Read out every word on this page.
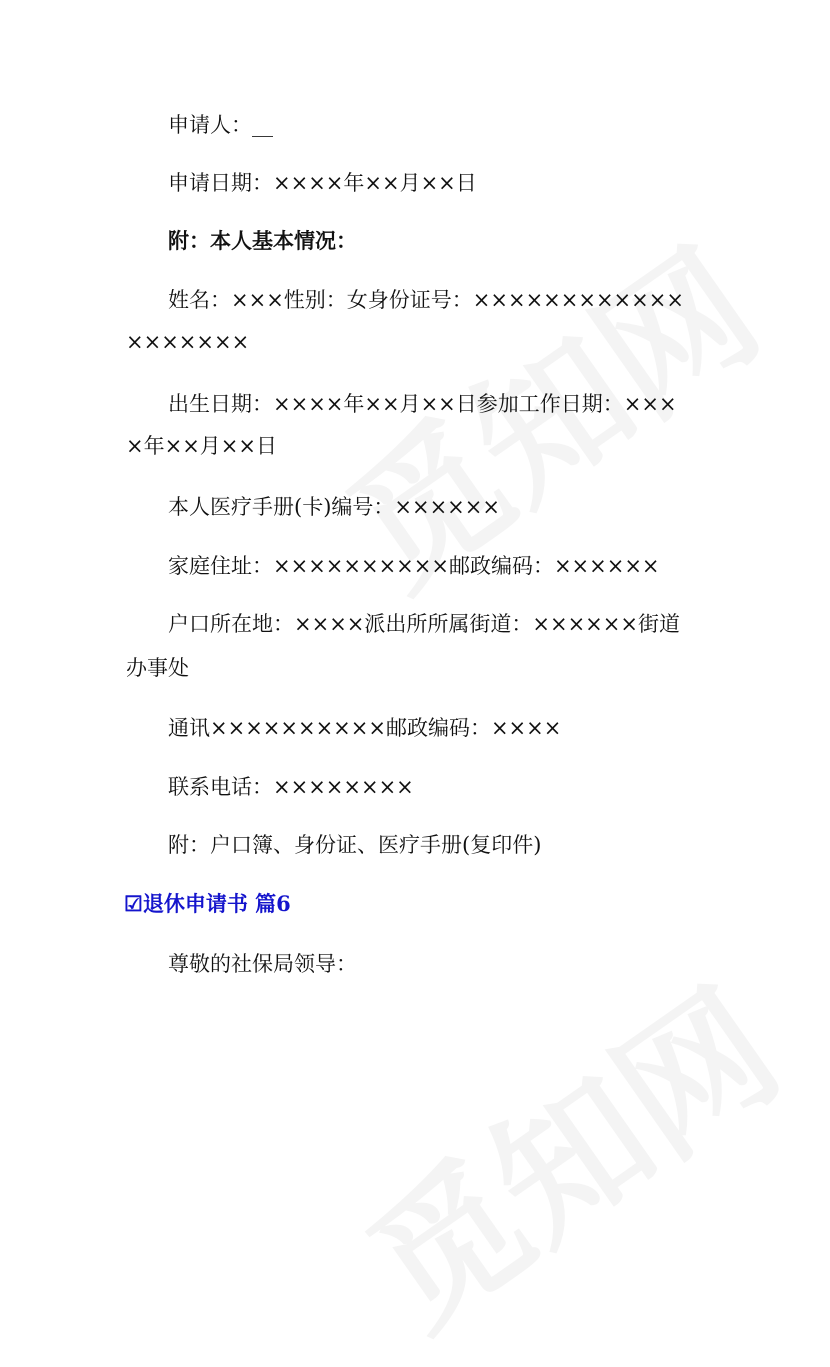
申请人：__
申请日期：××××年××月××日
附：本人基本情况：
姓名：×××性别：女身份证号：××××××××××××
×××××××
出生日期：××××年××月××日参加工作日期：×××
×年××月××日
本人医疗手册(卡)编号：××××××
家庭住址：××××××××××邮政编码：××××××
户口所在地：××××派出所所属街道：××××××街道
办事处
通讯××××××××××邮政编码：××××
联系电话：××××××××
附：户口簿、身份证、医疗手册(复印件)
☑退休申请书 篇6
尊敬的社保局领导：
